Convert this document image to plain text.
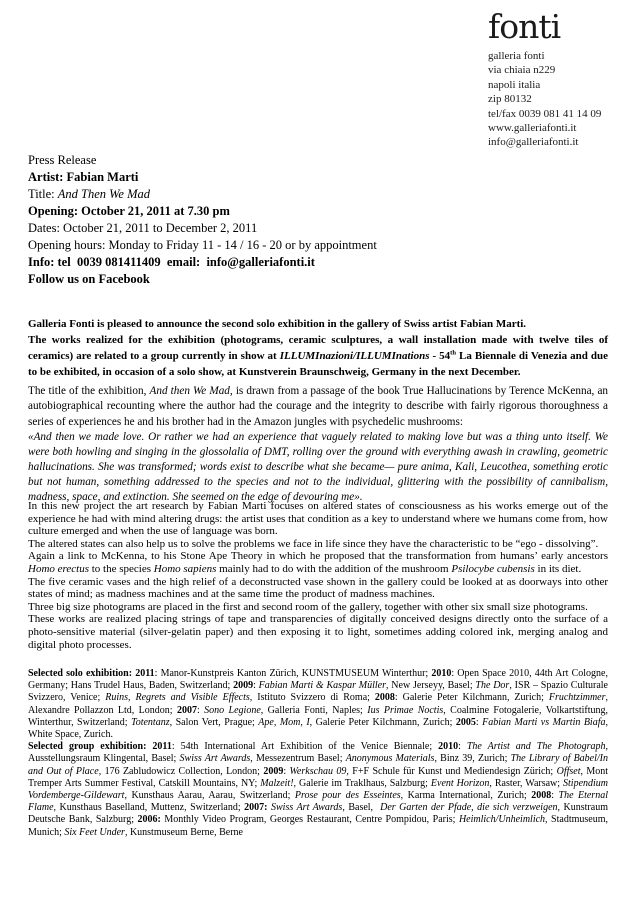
fonti
galleria fonti
via chiaia n229
napoli italia
zip 80132
tel/fax 0039 081 41 14 09
www.galleriafonti.it
info@galleriafonti.it
Press Release
Artist: Fabian Marti
Title: And Then We Mad
Opening: October 21, 2011 at 7.30 pm
Dates: October 21, 2011 to December 2, 2011
Opening hours: Monday to Friday 11 - 14 / 16 - 20 or by appointment
Info: tel  0039 081411409  email:  info@galleriafonti.it
Follow us on Facebook

Galleria Fonti is pleased to announce the second solo exhibition in the gallery of Swiss artist Fabian Marti.

The works realized for the exhibition (photograms, ceramic sculptures, a wall installation made with twelve tiles of ceramics) are related to a group currently in show at ILLUMInazioni/ILLUMInations - 54th La Biennale di Venezia and due to be exhibited, in occasion of a solo show, at Kunstverein Braunschweig, Germany in the next December.

The title of the exhibition, And then We Mad, is drawn from a passage of the book True Hallucinations by Terence McKenna, an autobiographical recounting where the author had the courage and the integrity to describe with fairly rigorous thoroughness a series of experiences he and his brother had in the Amazon jungles with psychedelic mushrooms:

«And then we made love. Or rather we had an experience that vaguely related to making love but was a thing unto itself. We were both howling and singing in the glossolalia of DMT, rolling over the ground with everything awash in crawling, geometric hallucinations. She was transformed; words exist to describe what she became— pure anima, Kali, Leucothea, something erotic but not human, something addressed to the species and not to the individual, glittering with the possibility of cannibalism, madness, space, and extinction. She seemed on the edge of devouring me».

In this new project the art research by Fabian Marti focuses on altered states of consciousness as his works emerge out of the experience he had with mind altering drugs: the artist uses that condition as a key to understand where we humans come from, how culture emerged and when the use of language was born.

The altered states can also help us to solve the problems we face in life since they have the characteristic to be “ego - dissolving”.

Again a link to McKenna, to his Stone Ape Theory in which he proposed that the transformation from humans’ early ancestors Homo erectus to the species Homo sapiens mainly had to do with the addition of the mushroom Psilocybe cubensis in its diet.

The five ceramic vases and the high relief of a deconstructed vase shown in the gallery could be looked at as doorways into other states of mind; as madness machines and at the same time the product of madness machines.

Three big size photograms are placed in the first and second room of the gallery, together with other six small size photograms.

These works are realized placing strings of tape and transparencies of digitally conceived designs directly onto the surface of a photo-sensitive material (silver-gelatin paper) and then exposing it to light, sometimes adding colored ink, merging analog and digital photo processes.

Selected solo exhibition: 2011: Manor-Kunstpreis Kanton Zürich, KUNSTMUSEUM Winterthur; 2010: Open Space 2010, 44th Art Cologne, Germany; Hans Trudel Haus, Baden, Switzerland; 2009: Fabian Marti & Kaspar Müller, New Jerseyy, Basel; The Dor, ISR – Spazio Culturale Svizzero, Venice; Ruins, Regrets and Visible Effects, Istituto Svizzero di Roma; 2008: Galerie Peter Kilchmann, Zurich; Fruchtzimmer, Alexandre Pollazzon Ltd, London; 2007: Sono Legione, Galleria Fonti, Naples; Ius Primae Noctis, Coalmine Fotogalerie, Volkartstiftung, Winterthur, Switzerland; Totentanz, Salon Vert, Prague; Ape, Mom, I, Galerie Peter Kilchmann, Zurich; 2005: Fabian Marti vs Martin Biafa, White Space, Zurich.

Selected group exhibition: 2011: 54th International Art Exhibition of the Venice Biennale; 2010: The Artist and The Photograph, Ausstellungsraum Klingental, Basel; Swiss Art Awards, Messezentrum Basel; Anonymous Materials, Binz 39, Zurich; The Library of Babel/In and Out of Place, 176 Zabludowicz Collection, London; 2009: Werkschau 09, F+F Schule für Kunst und Mediendesign Zürich; Offset, Mont Tremper Arts Summer Festival, Catskill Mountains, NY; Malzeit!, Galerie im Traklhaus, Salzburg; Event Horizon, Raster, Warsaw; Stipendium Vordemberge-Gildewart, Kunsthaus Aarau, Aarau, Switzerland; Prose pour des Esseintes, Karma International, Zurich; 2008: The Eternal Flame, Kunsthaus Baselland, Muttenz, Switzerland; 2007: Swiss Art Awards, Basel,  Der Garten der Pfade, die sich verzweigen, Kunstraum Deutsche Bank, Salzburg; 2006: Monthly Video Program, Georges Restaurant, Centre Pompidou, Paris; Heimlich/Unheimlich, Stadtmuseum, Munich; Six Feet Under, Kunstmuseum Berne, Berne
